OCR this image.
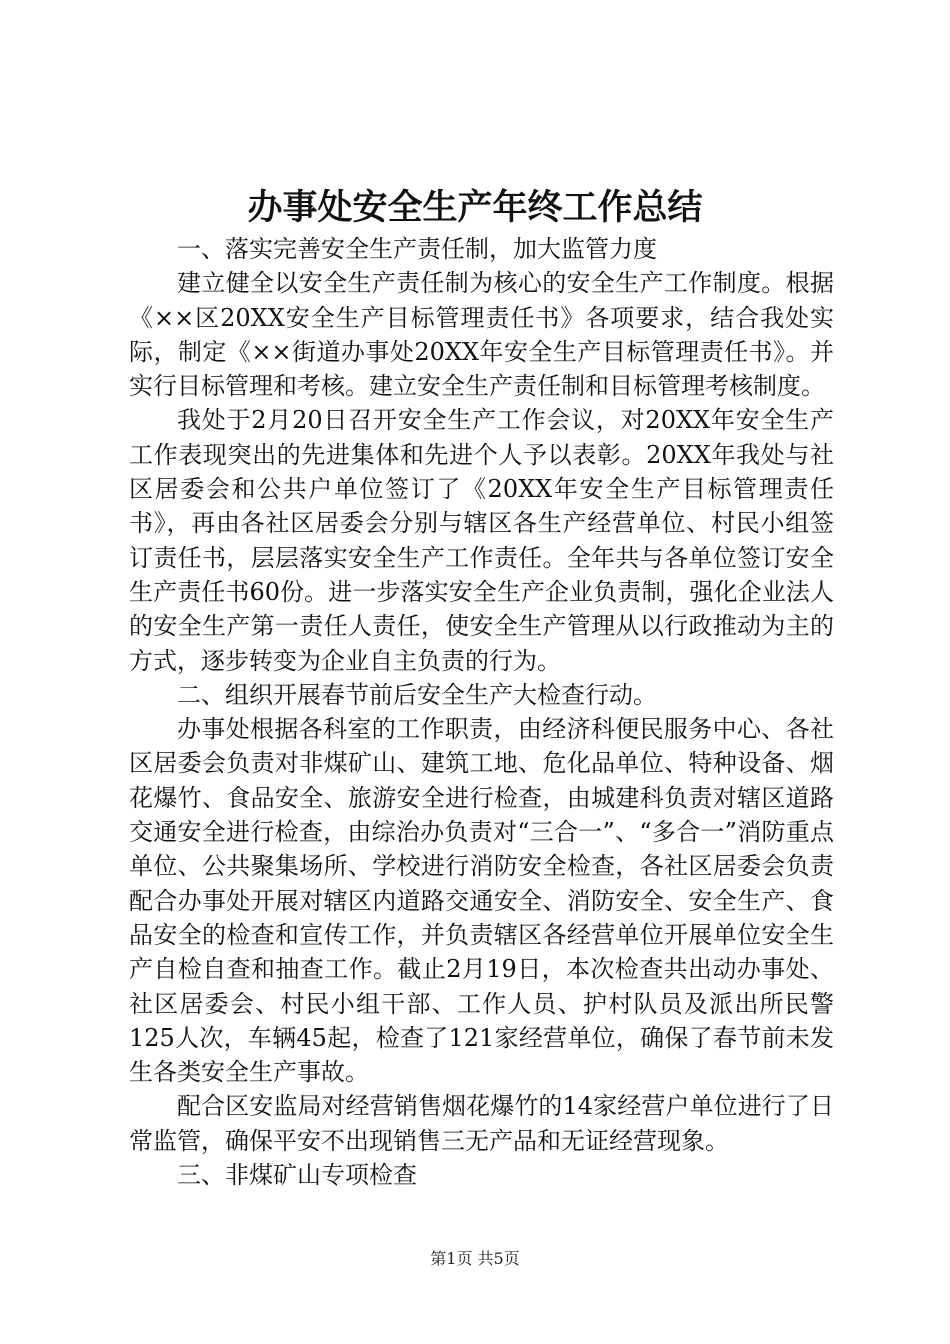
办事处安全生产年终工作总结

一、落实完善安全生产责任制，加大监管力度

建立健全以安全生产责任制为核心的安全生产工作制度。根据《××区20XX安全生产目标管理责任书》各项要求，结合我处实际，制定《××街道办事处20XX年安全生产目标管理责任书》。并实行目标管理和考核。建立安全生产责任制和目标管理考核制度。

我处于2月20日召开安全生产工作会议，对20XX年安全生产工作表现突出的先进集体和先进个人予以表彰。20XX年我处与社区居委会和公共户单位签订了《20XX年安全生产目标管理责任书》，再由各社区居委会分别与辖区各生产经营单位、村民小组签订责任书，层层落实安全生产工作责任。全年共与各单位签订安全生产责任书60份。进一步落实安全生产企业负责制，强化企业法人的安全生产第一责任人责任，使安全生产管理从以行政推动为主的方式，逐步转变为企业自主负责的行为。

二、组织开展春节前后安全生产大检查行动。

办事处根据各科室的工作职责，由经济科便民服务中心、各社区居委会负责对非煤矿山、建筑工地、危化品单位、特种设备、烟花爆竹、食品安全、旅游安全进行检查，由城建科负责对辖区道路交通安全进行检查，由综治办负责对“三合一”、“多合一”消防重点单位、公共聚集场所、学校进行消防安全检查，各社区居委会负责配合办事处开展对辖区内道路交通安全、消防安全、安全生产、食品安全的检查和宣传工作，并负责辖区各经营单位开展单位安全生产自检自查和抽查工作。截止2月19日，本次检查共出动办事处、社区居委会、村民小组干部、工作人员、护村队员及派出所民警125人次，车辆45起，检查了121家经营单位，确保了春节前未发生各类安全生产事故。

配合区安监局对经营销售烟花爆竹的14家经营户单位进行了日常监管，确保平安不出现销售三无产品和无证经营现象。

三、非煤矿山专项检查

第1页 共5页
